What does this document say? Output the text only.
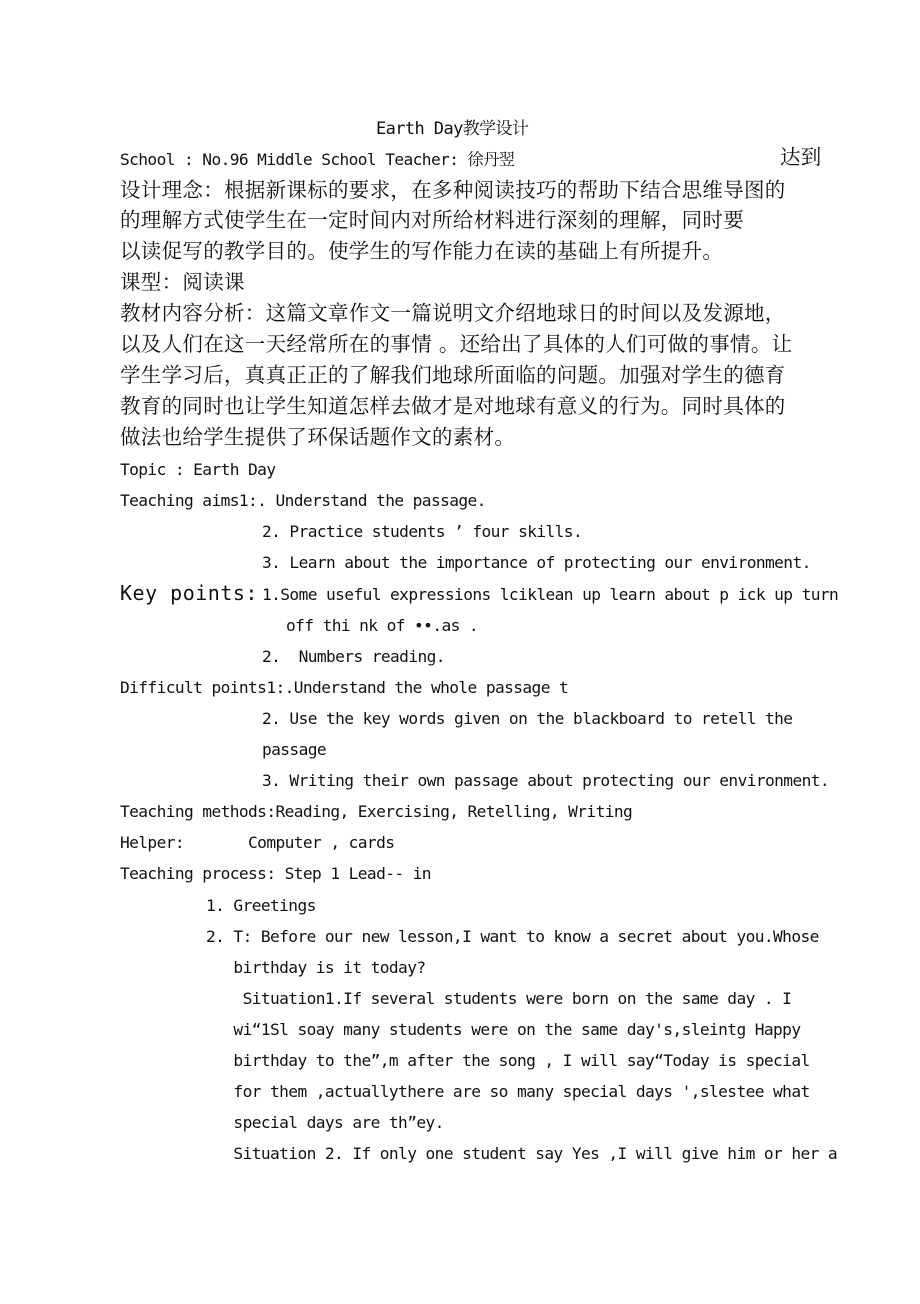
Earth Day教学设计
School : No.96 Middle School Teacher: 徐丹翌	达到
设计理念：根据新课标的要求，在多种阅读技巧的帮助下结合思维导图的
的理解方式使学生在一定时间内对所给材料进行深刻的理解，同时要
以读促写的教学目的。使学生的写作能力在读的基础上有所提升。
课型：阅读课
教材内容分析：这篇文章作文一篇说明文介绍地球日的时间以及发源地，
以及人们在这一天经常所在的事情 。还给出了具体的人们可做的事情。让
学生学习后，真真正正的了解我们地球所面临的问题。加强对学生的德育
教育的同时也让学生知道怎样去做才是对地球有意义的行为。同时具体的
做法也给学生提供了环保话题作文的素材。
Topic : Earth Day
Teaching aims1:. Understand the passage.
2. Practice students ’ four skills.
3. Learn about the importance of protecting our environment.
Key points: 1.Some useful expressions lciklean up learn about p ick up turn
off thi nk of ••.as .
2.  Numbers reading.
Difficult points1:.Understand the whole passage t
2. Use the key words given on the blackboard to retell the
passage
3. Writing their own passage about protecting our environment.
Teaching methods:Reading, Exercising, Retelling, Writing
Helper:       Computer , cards
Teaching process: Step 1 Lead-- in
1. Greetings
2. T: Before our new lesson,I want to know a secret about you.Whose
birthday is it today?
Situation1.If several students were born on the same day . I
wi“1Sl soay many students were on the same day's,sleintg Happy
birthday to the”,m after the song , I will say“Today is special
for them ,actuallythere are so many special days ',slestee what
special days are th”ey.
Situation 2. If only one student say Yes ,I will give him or her a
